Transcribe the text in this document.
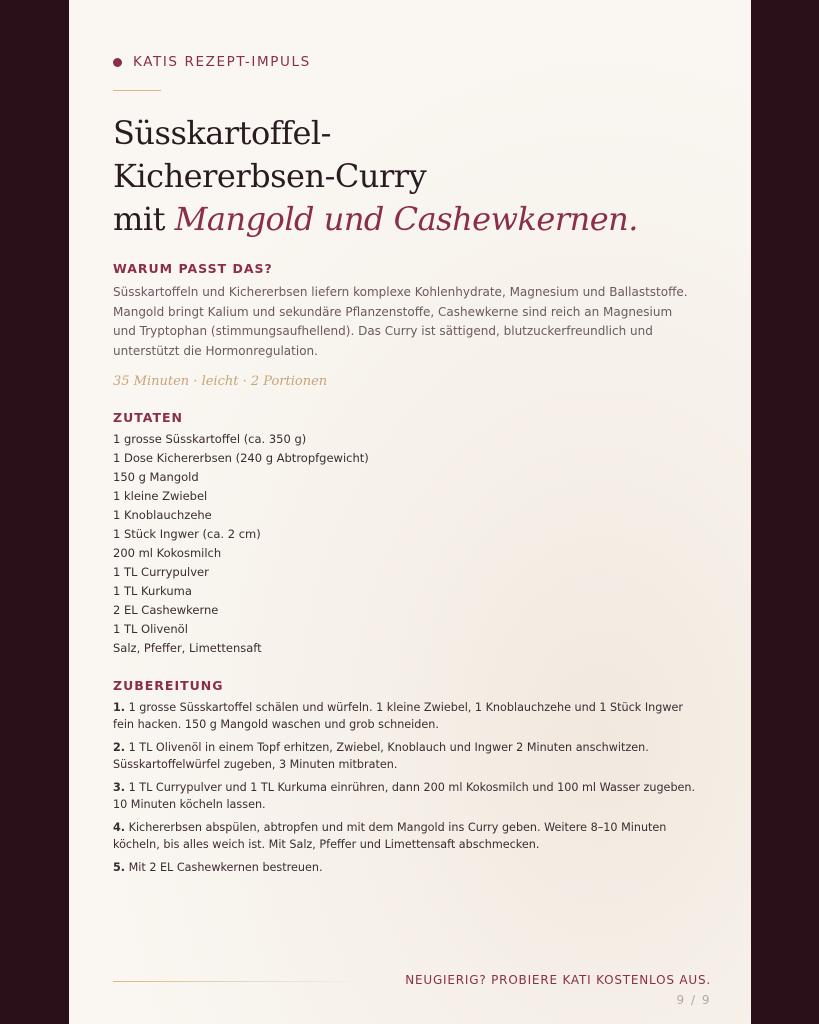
KATIS REZEPT-IMPULS
Süsskartoffel-
Kichererbsen-Curry
mit Mangold und Cashewkernen.
WARUM PASST DAS?
Süsskartoffeln und Kichererbsen liefern komplexe Kohlenhydrate, Magnesium und Ballaststoffe. Mangold bringt Kalium und sekundäre Pflanzenstoffe, Cashewkerne sind reich an Magnesium und Tryptophan (stimmungsaufhellend). Das Curry ist sättigend, blutzuckerfreundlich und unterstützt die Hormonregulation.
35 Minuten · leicht · 2 Portionen
ZUTATEN
1 grosse Süsskartoffel (ca. 350 g)
1 Dose Kichererbsen (240 g Abtropfgewicht)
150 g Mangold
1 kleine Zwiebel
1 Knoblauchzehe
1 Stück Ingwer (ca. 2 cm)
200 ml Kokosmilch
1 TL Currypulver
1 TL Kurkuma
2 EL Cashewkerne
1 TL Olivenöl
Salz, Pfeffer, Limettensaft
ZUBEREITUNG
1. 1 grosse Süsskartoffel schälen und würfeln. 1 kleine Zwiebel, 1 Knoblauchzehe und 1 Stück Ingwer fein hacken. 150 g Mangold waschen und grob schneiden.
2. 1 TL Olivenöl in einem Topf erhitzen, Zwiebel, Knoblauch und Ingwer 2 Minuten anschwitzen. Süsskartoffelwürfel zugeben, 3 Minuten mitbraten.
3. 1 TL Currypulver und 1 TL Kurkuma einrühren, dann 200 ml Kokosmilch und 100 ml Wasser zugeben. 10 Minuten köcheln lassen.
4. Kichererbsen abspülen, abtropfen und mit dem Mangold ins Curry geben. Weitere 8–10 Minuten köcheln, bis alles weich ist. Mit Salz, Pfeffer und Limettensaft abschmecken.
5. Mit 2 EL Cashewkernen bestreuen.
NEUGIERIG? PROBIERE KATI KOSTENLOS AUS.
9 / 9
